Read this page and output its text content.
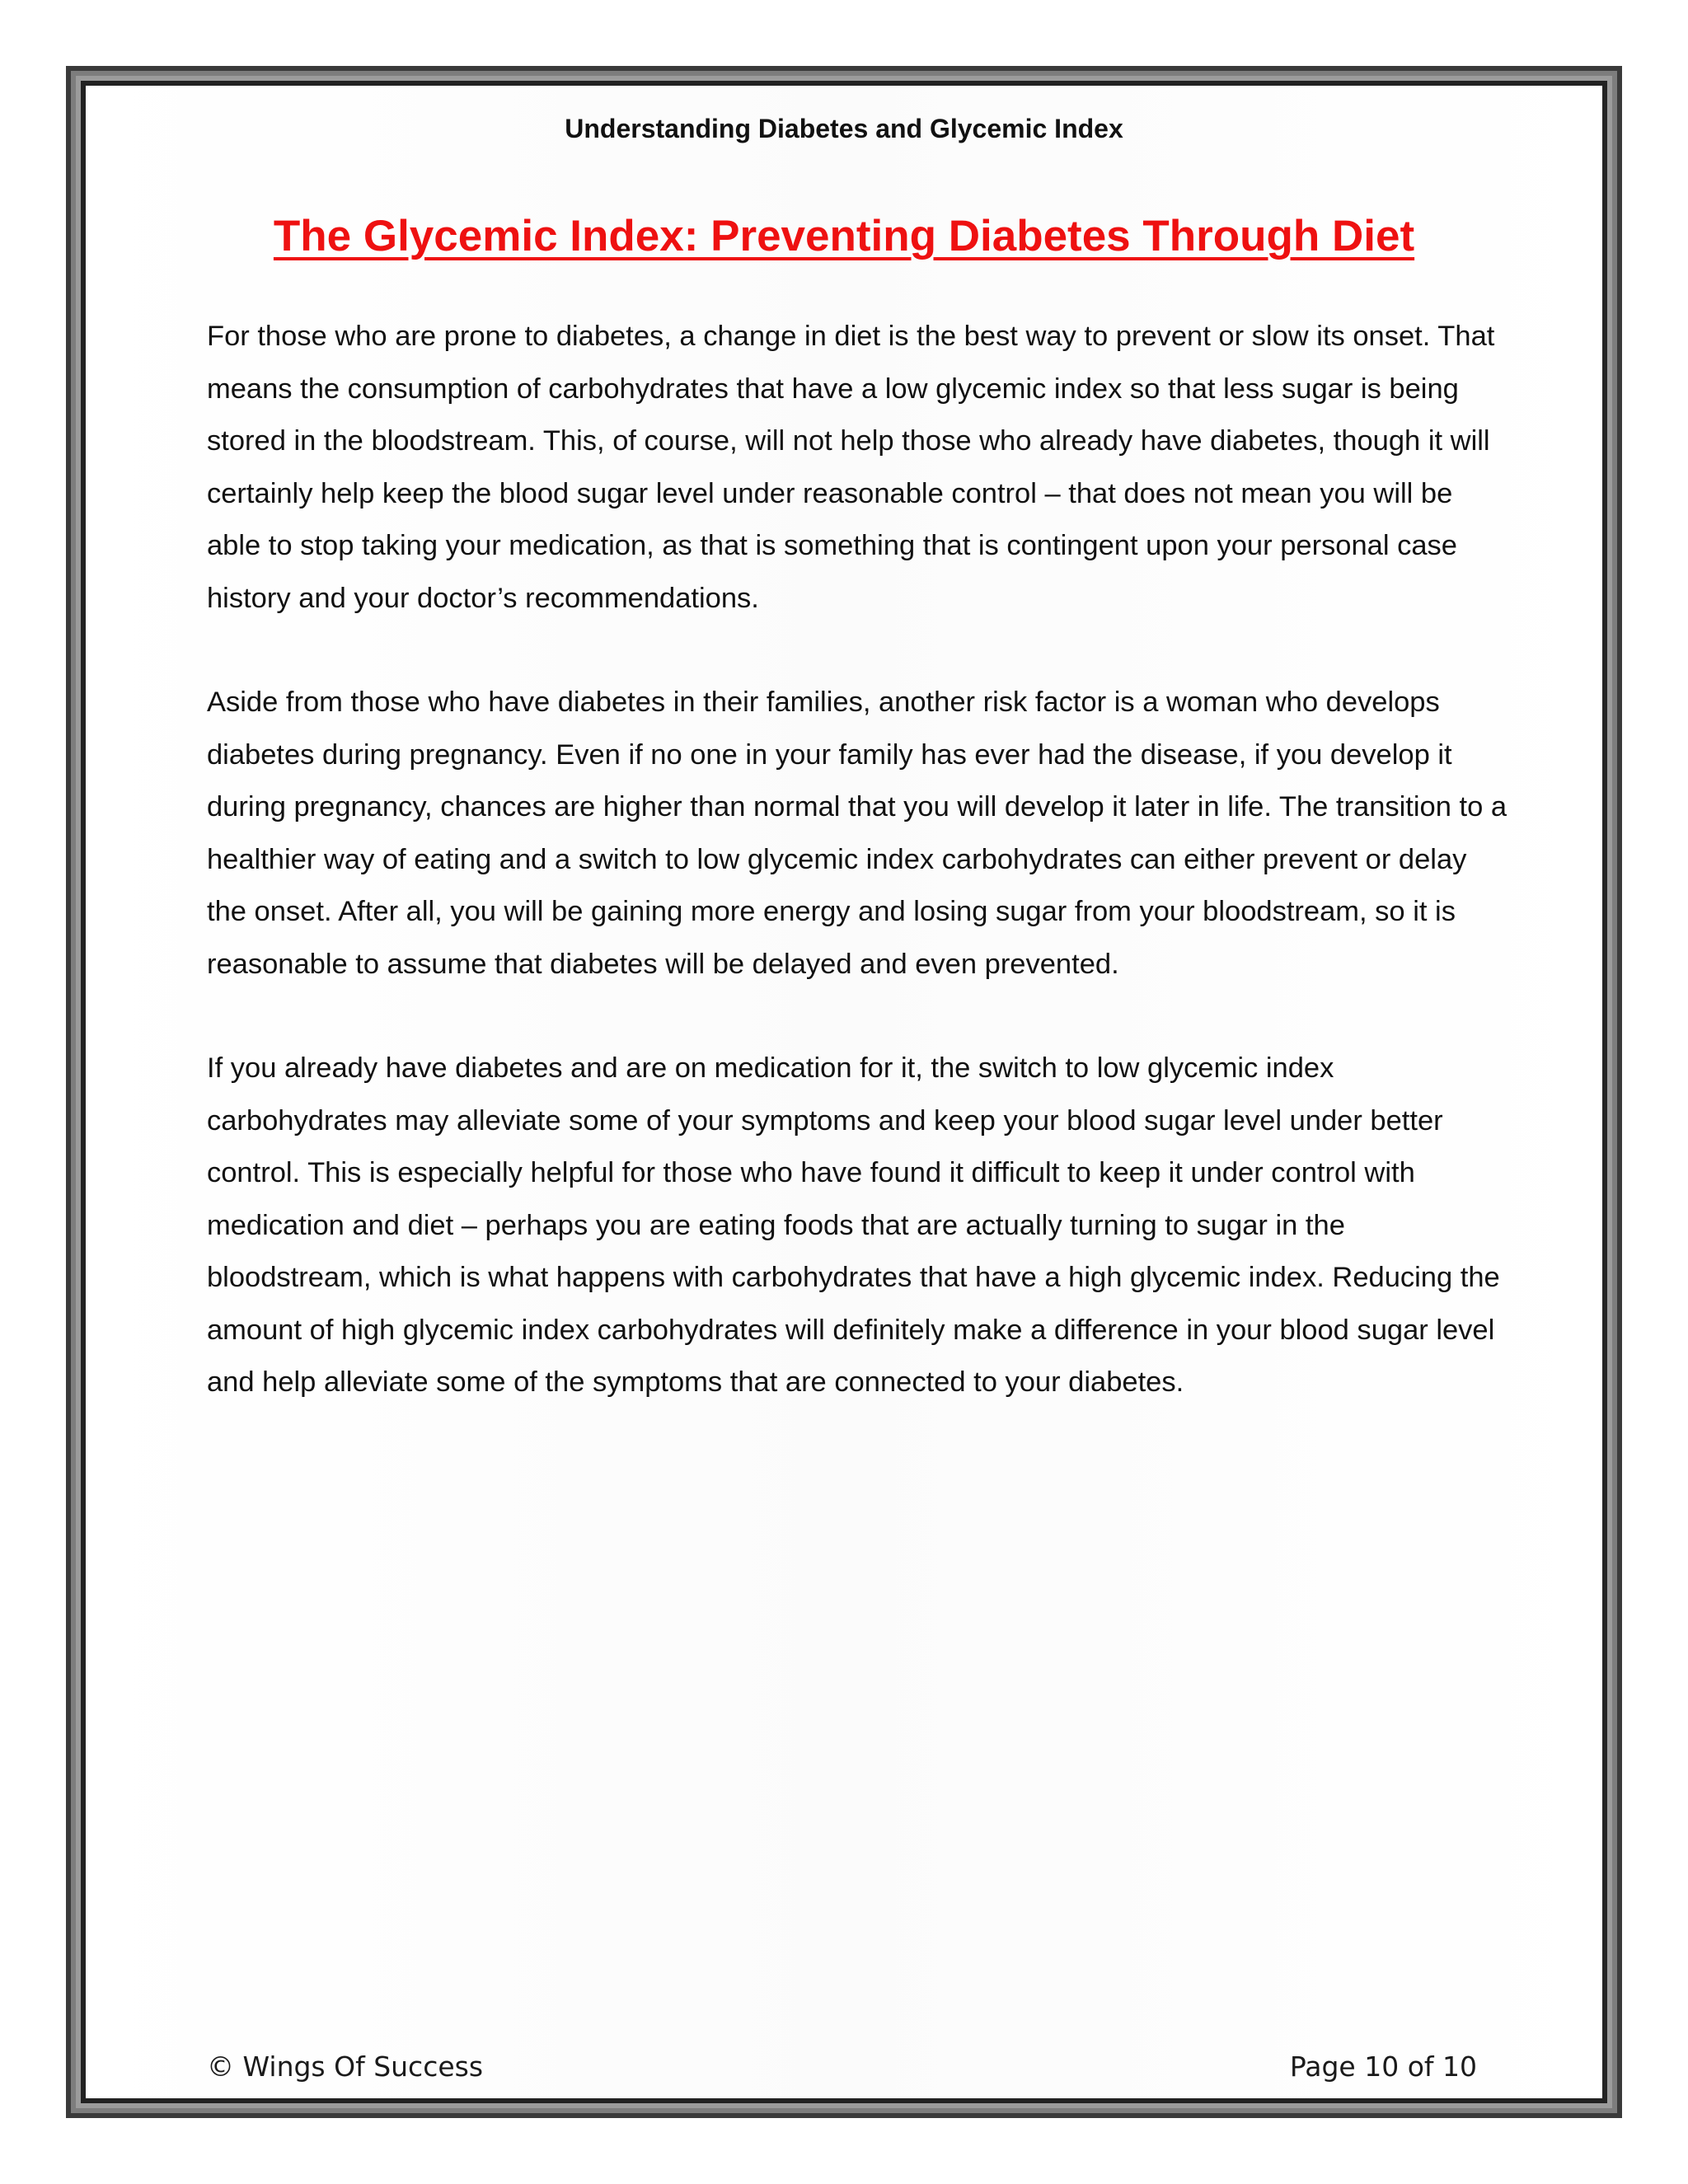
Understanding Diabetes and Glycemic Index
The Glycemic Index: Preventing Diabetes Through Diet

For those who are prone to diabetes, a change in diet is the best way to prevent or slow its onset. That means the consumption of carbohydrates that have a low glycemic index so that less sugar is being stored in the bloodstream. This, of course, will not help those who already have diabetes, though it will certainly help keep the blood sugar level under reasonable control – that does not mean you will be able to stop taking your medication, as that is something that is contingent upon your personal case history and your doctor’s recommendations.

Aside from those who have diabetes in their families, another risk factor is a woman who develops diabetes during pregnancy. Even if no one in your family has ever had the disease, if you develop it during pregnancy, chances are higher than normal that you will develop it later in life. The transition to a healthier way of eating and a switch to low glycemic index carbohydrates can either prevent or delay the onset. After all, you will be gaining more energy and losing sugar from your bloodstream, so it is reasonable to assume that diabetes will be delayed and even prevented.

If you already have diabetes and are on medication for it, the switch to low glycemic index carbohydrates may alleviate some of your symptoms and keep your blood sugar level under better control. This is especially helpful for those who have found it difficult to keep it under control with medication and diet – perhaps you are eating foods that are actually turning to sugar in the bloodstream, which is what happens with carbohydrates that have a high glycemic index. Reducing the amount of high glycemic index carbohydrates will definitely make a difference in your blood sugar level and help alleviate some of the symptoms that are connected to your diabetes.

© Wings Of Success	Page 10 of 10
